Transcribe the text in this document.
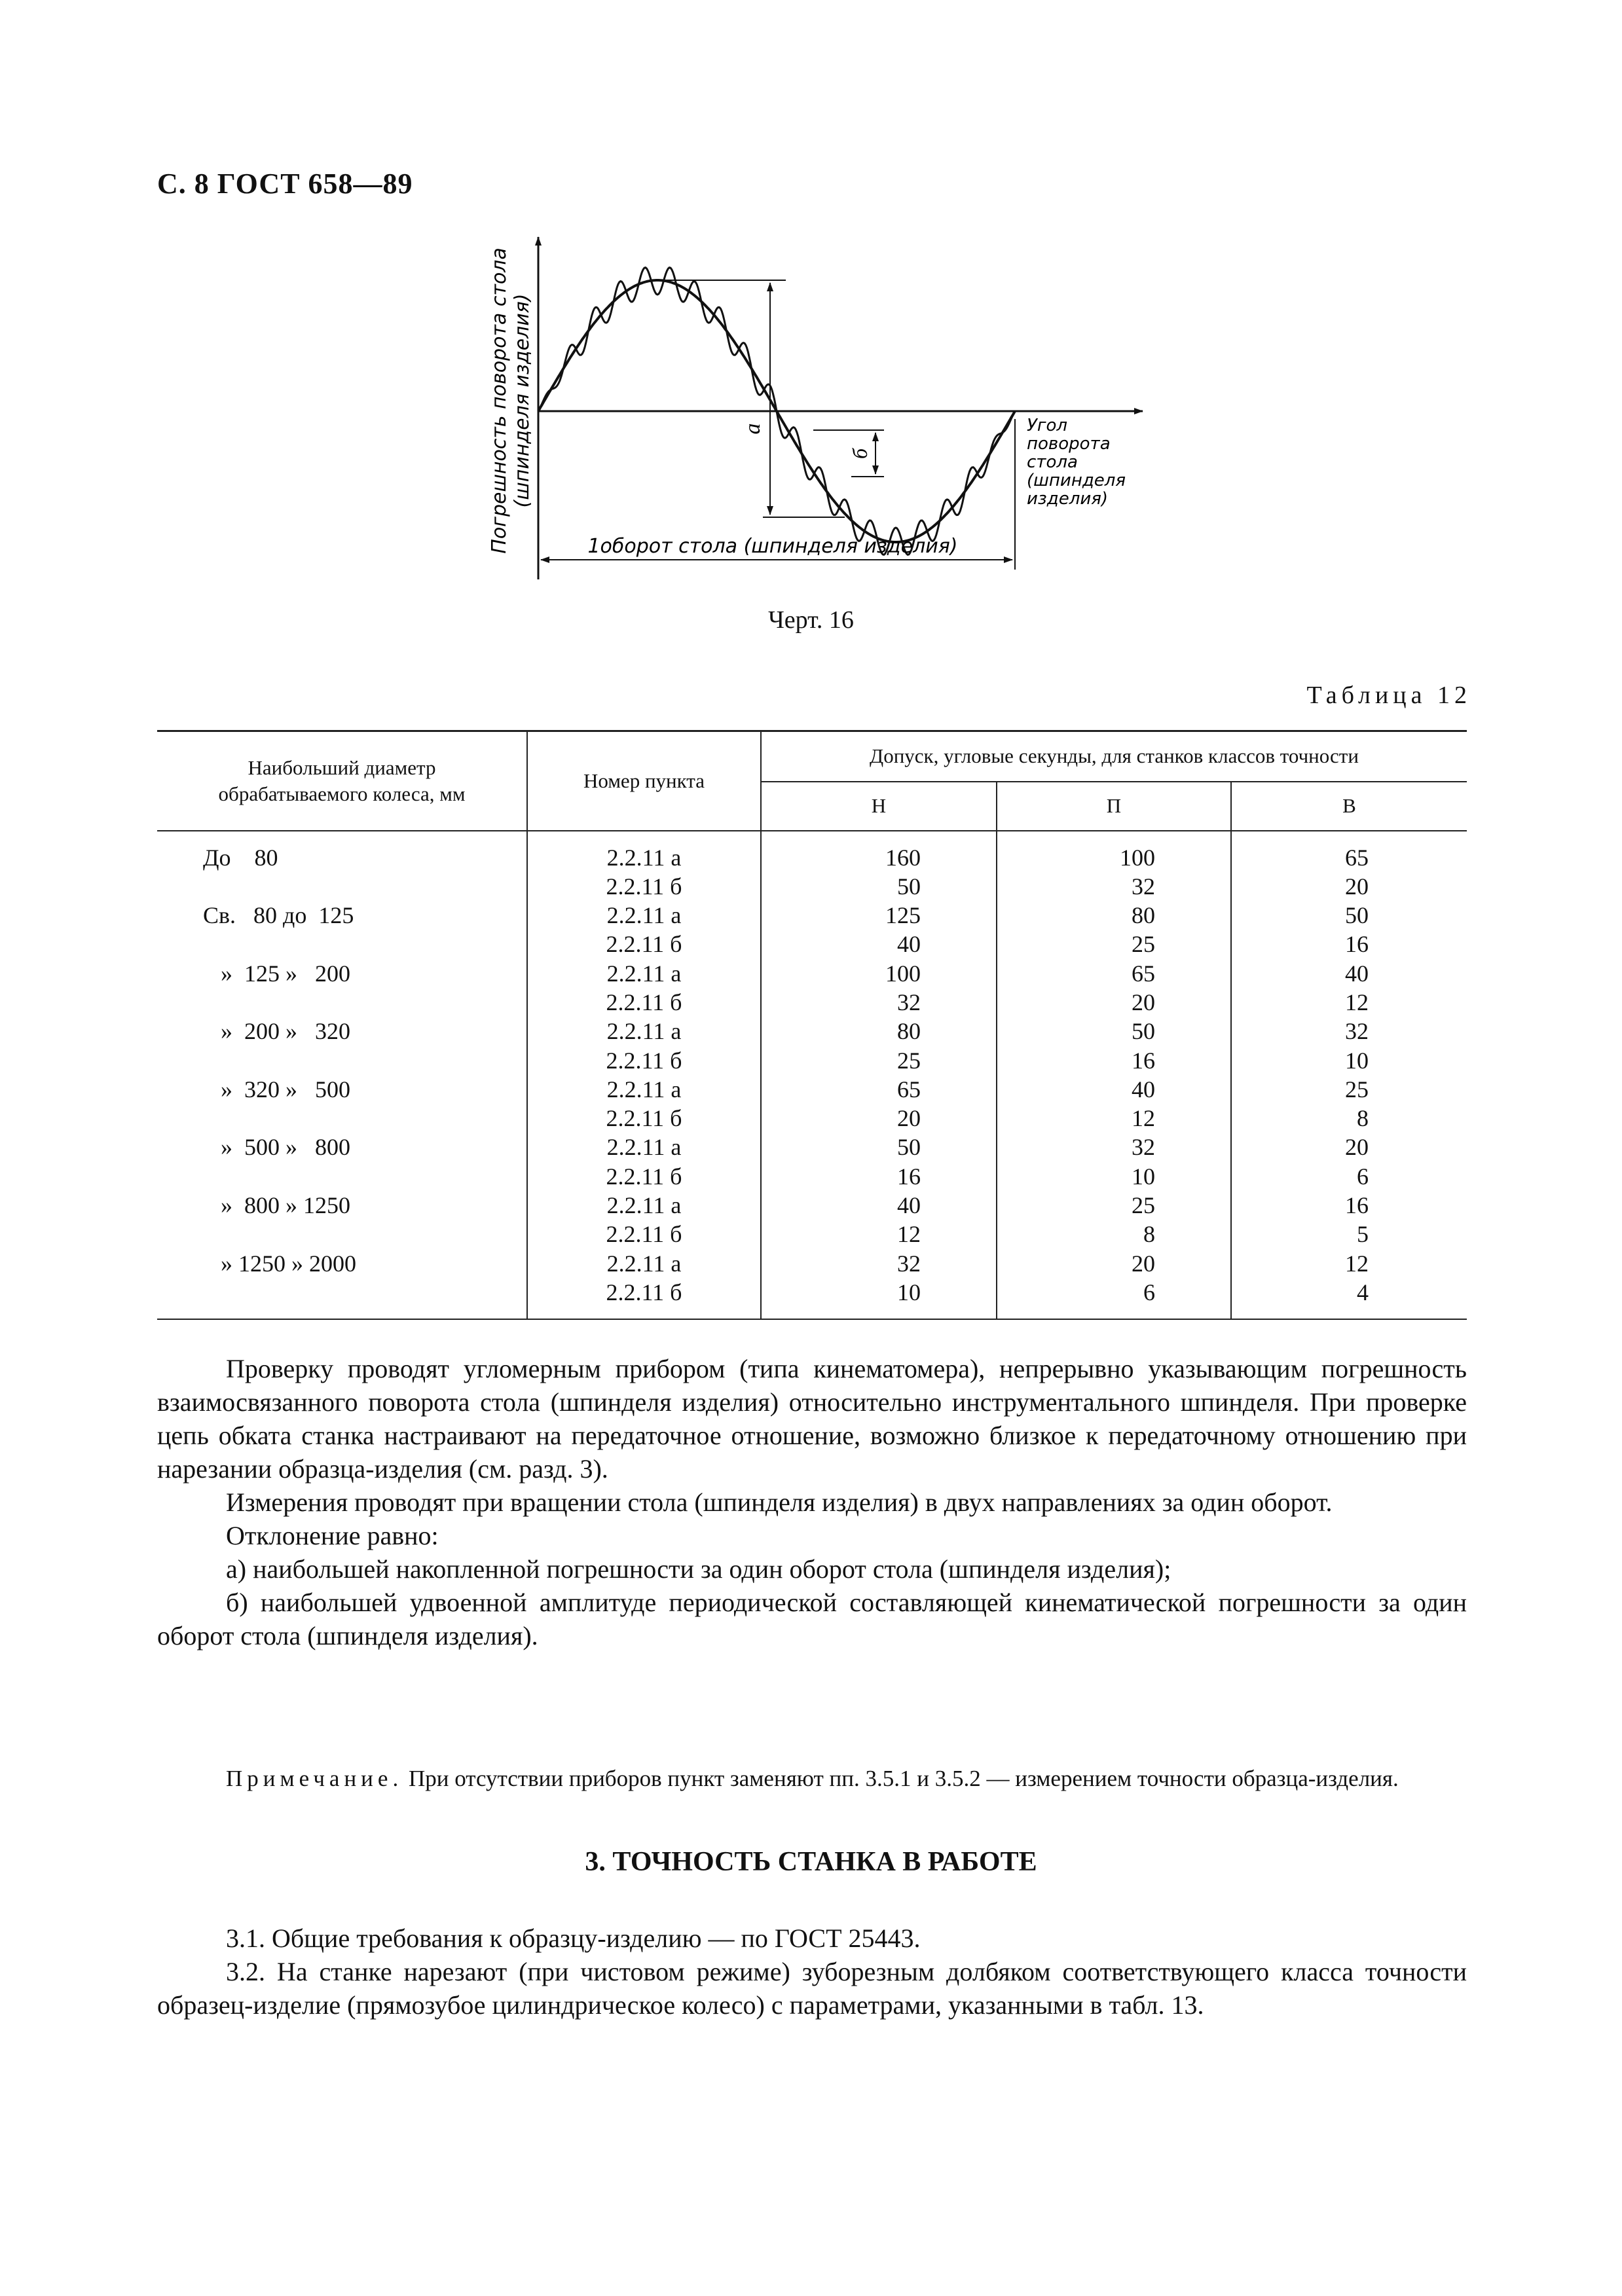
С. 8 ГОСТ 658—89
а
б
1оборот стола (шпинделя изделия)
Погрешность поворота стола (шпинделя изделия)	Угол
поворота
стола
(шпинделя
изделия)
Черт. 16
Таблица 12
Наибольший диаметр обрабатываемого колеса, мм	Номер пункта	Допуск, угловые секунды, для станков классов точности		
		Н	П	В
До    80	2.2.11 а	160	100	65
	2.2.11 б	50	32	20
Св.   80 до  125	2.2.11 а	125	80	50
	2.2.11 б	40	25	16
»  125 »   200	2.2.11 а	100	65	40
	2.2.11 б	32	20	12
»  200 »   320	2.2.11 а	80	50	32
	2.2.11 б	25	16	10
»  320 »   500	2.2.11 а	65	40	25
	2.2.11 б	20	12	8
»  500 »   800	2.2.11 а	50	32	20
	2.2.11 б	16	10	6
»  800 » 1250	2.2.11 а	40	25	16
	2.2.11 б	12	8	5
» 1250 » 2000	2.2.11 а	32	20	12
	2.2.11 б	10	6	4

Проверку проводят угломерным прибором (типа кинематомера), непрерывно указывающим погрешность взаимосвязанного поворота стола (шпинделя изделия) относительно инструментального шпинделя. При проверке цепь обката станка настраивают на передаточное отношение, возможно близкое к передаточному отношению при нарезании образца-изделия (см. разд. 3).

Измерения проводят при вращении стола (шпинделя изделия) в двух направлениях за один оборот.

Отклонение равно:

а) наибольшей накопленной погрешности за один оборот стола (шпинделя изделия);

б) наибольшей удвоенной амплитуде периодической составляющей кинематической погрешности за один оборот стола (шпинделя изделия).

Примечание. При отсутствии приборов пункт заменяют пп. 3.5.1 и 3.5.2 — измерением точности образца-изделия.
3. ТОЧНОСТЬ СТАНКА В РАБОТЕ

3.1. Общие требования к образцу-изделию — по ГОСТ 25443.

3.2. На станке нарезают (при чистовом режиме) зуборезным долбяком соответствующего класса точности образец-изделие (прямозубое цилиндрическое колесо) с параметрами, указанными в табл. 13.
